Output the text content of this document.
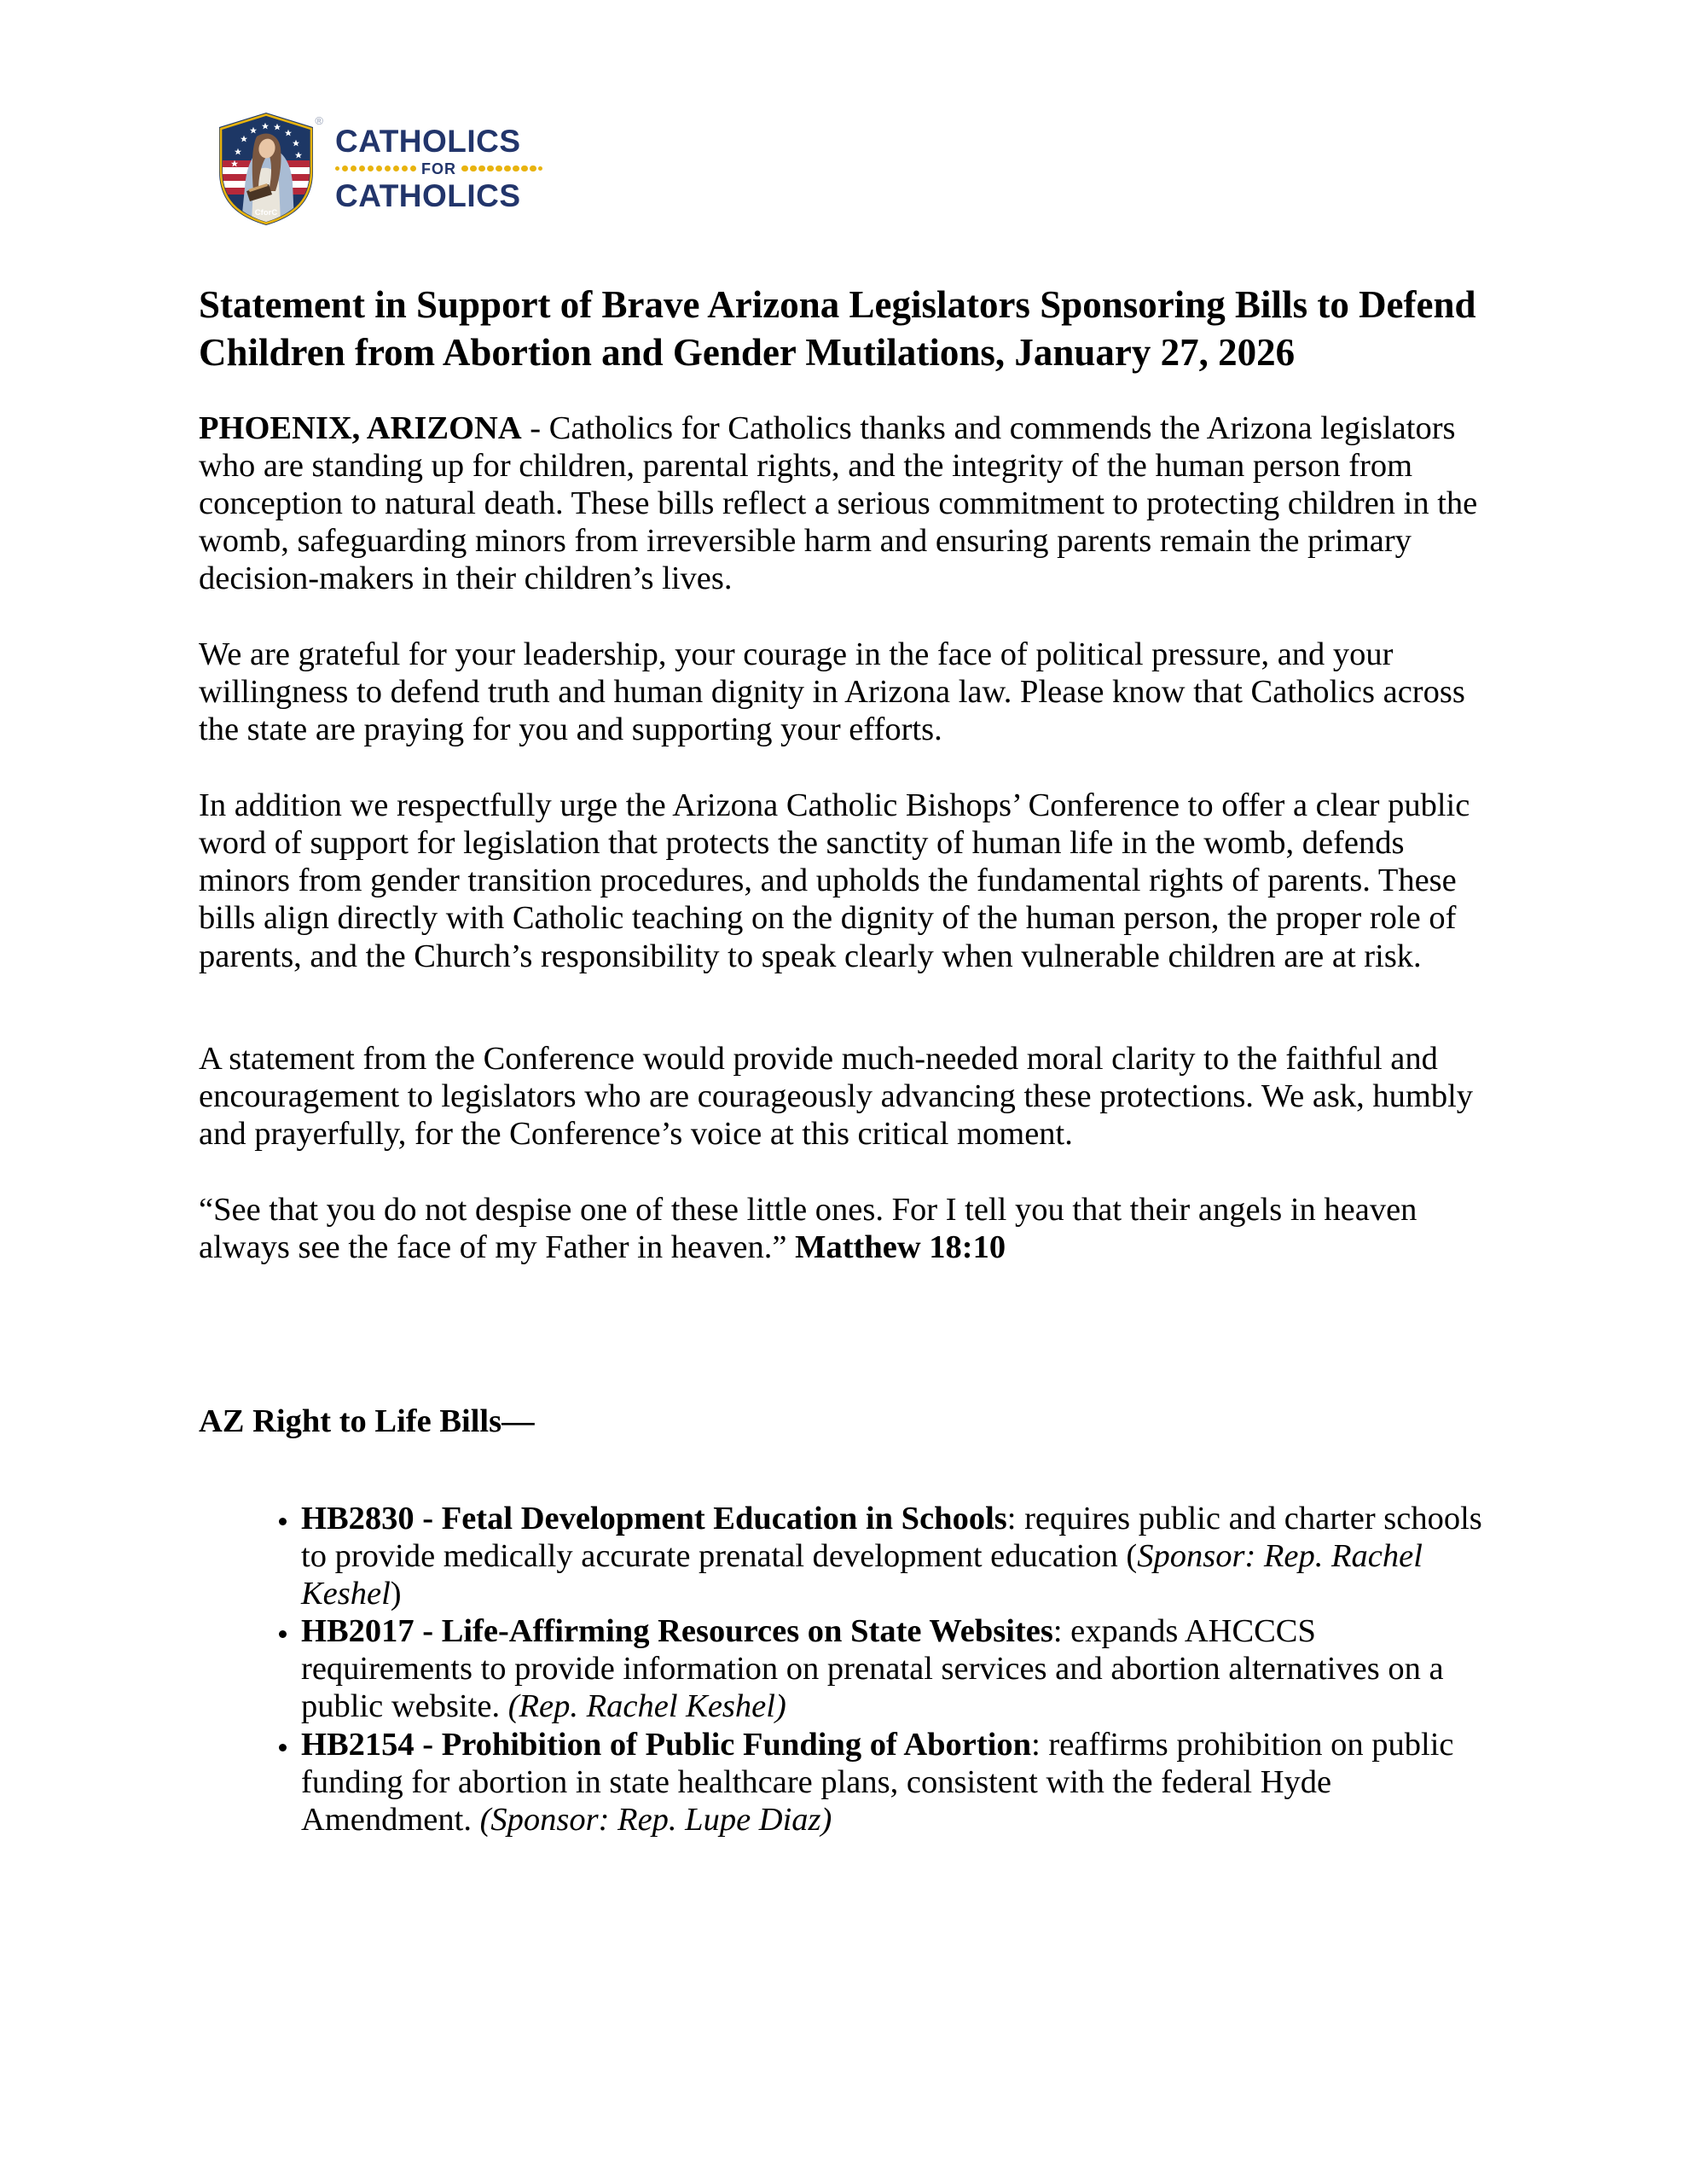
CforC
®
CATHOLICS
FOR
CATHOLICS
Statement in Support of Brave Arizona Legislators Sponsoring Bills to Defend Children from Abortion and Gender Mutilations, January 27, 2026

PHOENIX, ARIZONA - Catholics for Catholics thanks and commends the Arizona legislators who are standing up for children, parental rights, and the integrity of the human person from conception to natural death. These bills reflect a serious commitment to protecting children in the womb, safeguarding minors from irreversible harm and ensuring parents remain the primary decision-makers in their children’s lives.

We are grateful for your leadership, your courage in the face of political pressure, and your willingness to defend truth and human dignity in Arizona law. Please know that Catholics across the state are praying for you and supporting your efforts.

In addition we respectfully urge the Arizona Catholic Bishops’ Conference to offer a clear public word of support for legislation that protects the sanctity of human life in the womb, defends minors from gender transition procedures, and upholds the fundamental rights of parents. These bills align directly with Catholic teaching on the dignity of the human person, the proper role of parents, and the Church’s responsibility to speak clearly when vulnerable children are at risk.

A statement from the Conference would provide much-needed moral clarity to the faithful and encouragement to legislators who are courageously advancing these protections. We ask, humbly and prayerfully, for the Conference’s voice at this critical moment.

“See that you do not despise one of these little ones. For I tell you that their angels in heaven always see the face of my Father in heaven.” Matthew 18:10

AZ Right to Life Bills—

• HB2830 - Fetal Development Education in Schools: requires public and charter schools to provide medically accurate prenatal development education (Sponsor: Rep. Rachel Keshel)
• HB2017 - Life-Affirming Resources on State Websites: expands AHCCCS requirements to provide information on prenatal services and abortion alternatives on a public website. (Rep. Rachel Keshel)
• HB2154 - Prohibition of Public Funding of Abortion: reaffirms prohibition on public funding for abortion in state healthcare plans, consistent with the federal Hyde Amendment. (Sponsor: Rep. Lupe Diaz)
